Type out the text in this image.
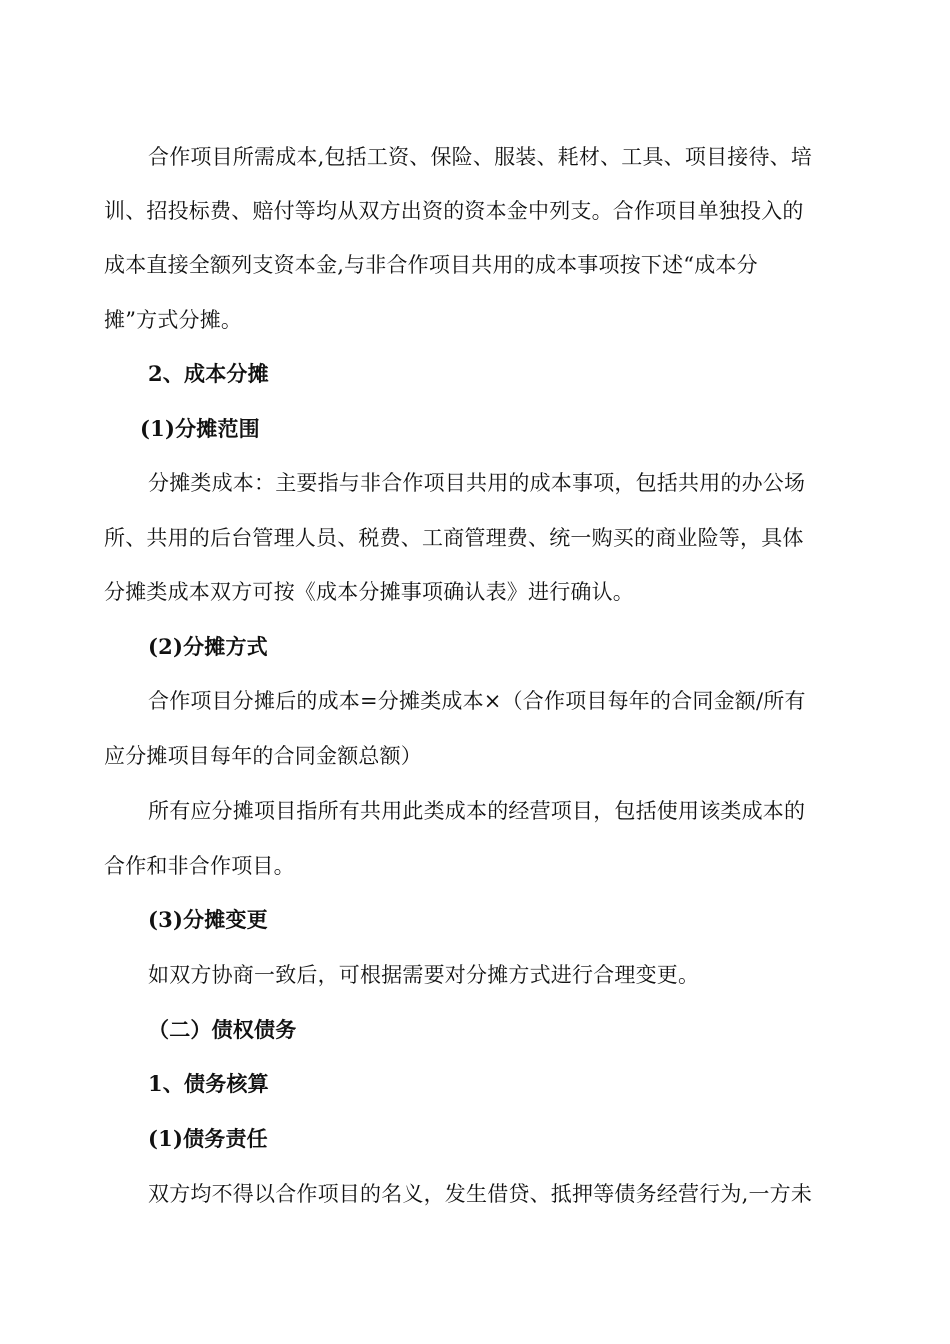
合作项目所需成本,包括工资、保险、服装、耗材、工具、项目接待、培
训、招投标费、赔付等均从双方出资的资本金中列支。合作项目单独投入的
成本直接全额列支资本金,与非合作项目共用的成本事项按下述“成本分
摊”方式分摊。
2、成本分摊
(1)分摊范围
分摊类成本：主要指与非合作项目共用的成本事项，包括共用的办公场
所、共用的后台管理人员、税费、工商管理费、统一购买的商业险等，具体
分摊类成本双方可按《成本分摊事项确认表》进行确认。
(2)分摊方式
合作项目分摊后的成本=分摊类成本×（合作项目每年的合同金额/所有
应分摊项目每年的合同金额总额）
所有应分摊项目指所有共用此类成本的经营项目，包括使用该类成本的
合作和非合作项目。
(3)分摊变更
如双方协商一致后，可根据需要对分摊方式进行合理变更。
（二）债权债务
1、债务核算
(1)债务责任
双方均不得以合作项目的名义，发生借贷、抵押等债务经营行为,一方未
